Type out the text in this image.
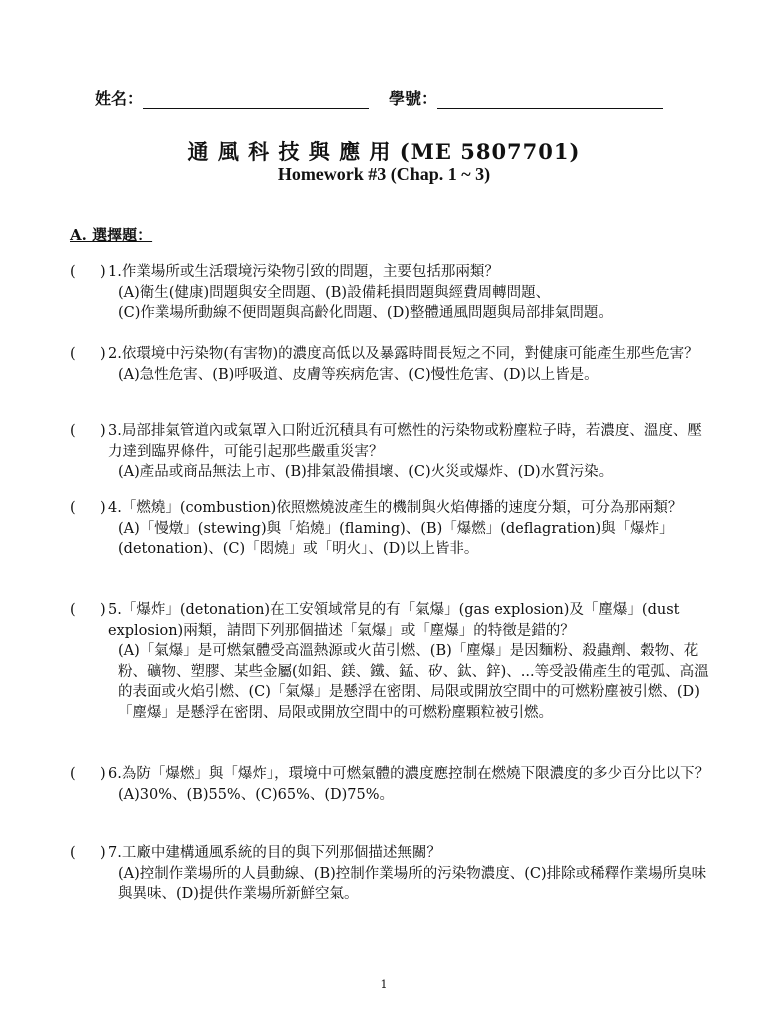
姓名：	學號：
通 風 科 技 與 應 用 (ME 5807701)
Homework #3 (Chap. 1 ~ 3)
A. 選擇題：
( ) 1.作業場所或生活環境污染物引致的問題，主要包括那兩類？
(A)衛生(健康)問題與安全問題、(B)設備耗損問題與經費周轉問題、
(C)作業場所動線不便問題與高齡化問題、(D)整體通風問題與局部排氣問題。
( ) 2.依環境中污染物(有害物)的濃度高低以及暴露時間長短之不同，對健康可能產生那些危害？
(A)急性危害、(B)呼吸道、皮膚等疾病危害、(C)慢性危害、(D)以上皆是。
( ) 3.局部排氣管道內或氣罩入口附近沉積具有可燃性的污染物或粉塵粒子時，若濃度、溫度、壓力達到臨界條件，可能引起那些嚴重災害？
(A)產品或商品無法上市、(B)排氣設備損壞、(C)火災或爆炸、(D)水質污染。
( ) 4.「燃燒」(combustion)依照燃燒波產生的機制與火焰傳播的速度分類，可分為那兩類？
(A)「慢燉」(stewing)與「焰燒」(flaming)、(B)「爆燃」(deflagration)與「爆炸」(detonation)、(C)「悶燒」或「明火」、(D)以上皆非。
( ) 5.「爆炸」(detonation)在工安領域常見的有「氣爆」(gas explosion)及「塵爆」(dust explosion)兩類，請問下列那個描述「氣爆」或「塵爆」的特徵是錯的？
(A)「氣爆」是可燃氣體受高溫熱源或火苗引燃、(B)「塵爆」是因麵粉、殺蟲劑、穀物、花粉、礦物、塑膠、某些金屬(如鋁、鎂、鐵、錳、矽、鈦、鋅)、...等受設備產生的電弧、高溫的表面或火焰引燃、(C)「氣爆」是懸浮在密閉、局限或開放空間中的可燃粉塵被引燃、(D)「塵爆」是懸浮在密閉、局限或開放空間中的可燃粉塵顆粒被引燃。
( ) 6.為防「爆燃」與「爆炸」，環境中可燃氣體的濃度應控制在燃燒下限濃度的多少百分比以下？
(A)30%、(B)55%、(C)65%、(D)75%。
( ) 7.工廠中建構通風系統的目的與下列那個描述無關？
(A)控制作業場所的人員動線、(B)控制作業場所的污染物濃度、(C)排除或稀釋作業場所臭味與異味、(D)提供作業場所新鮮空氣。
1
